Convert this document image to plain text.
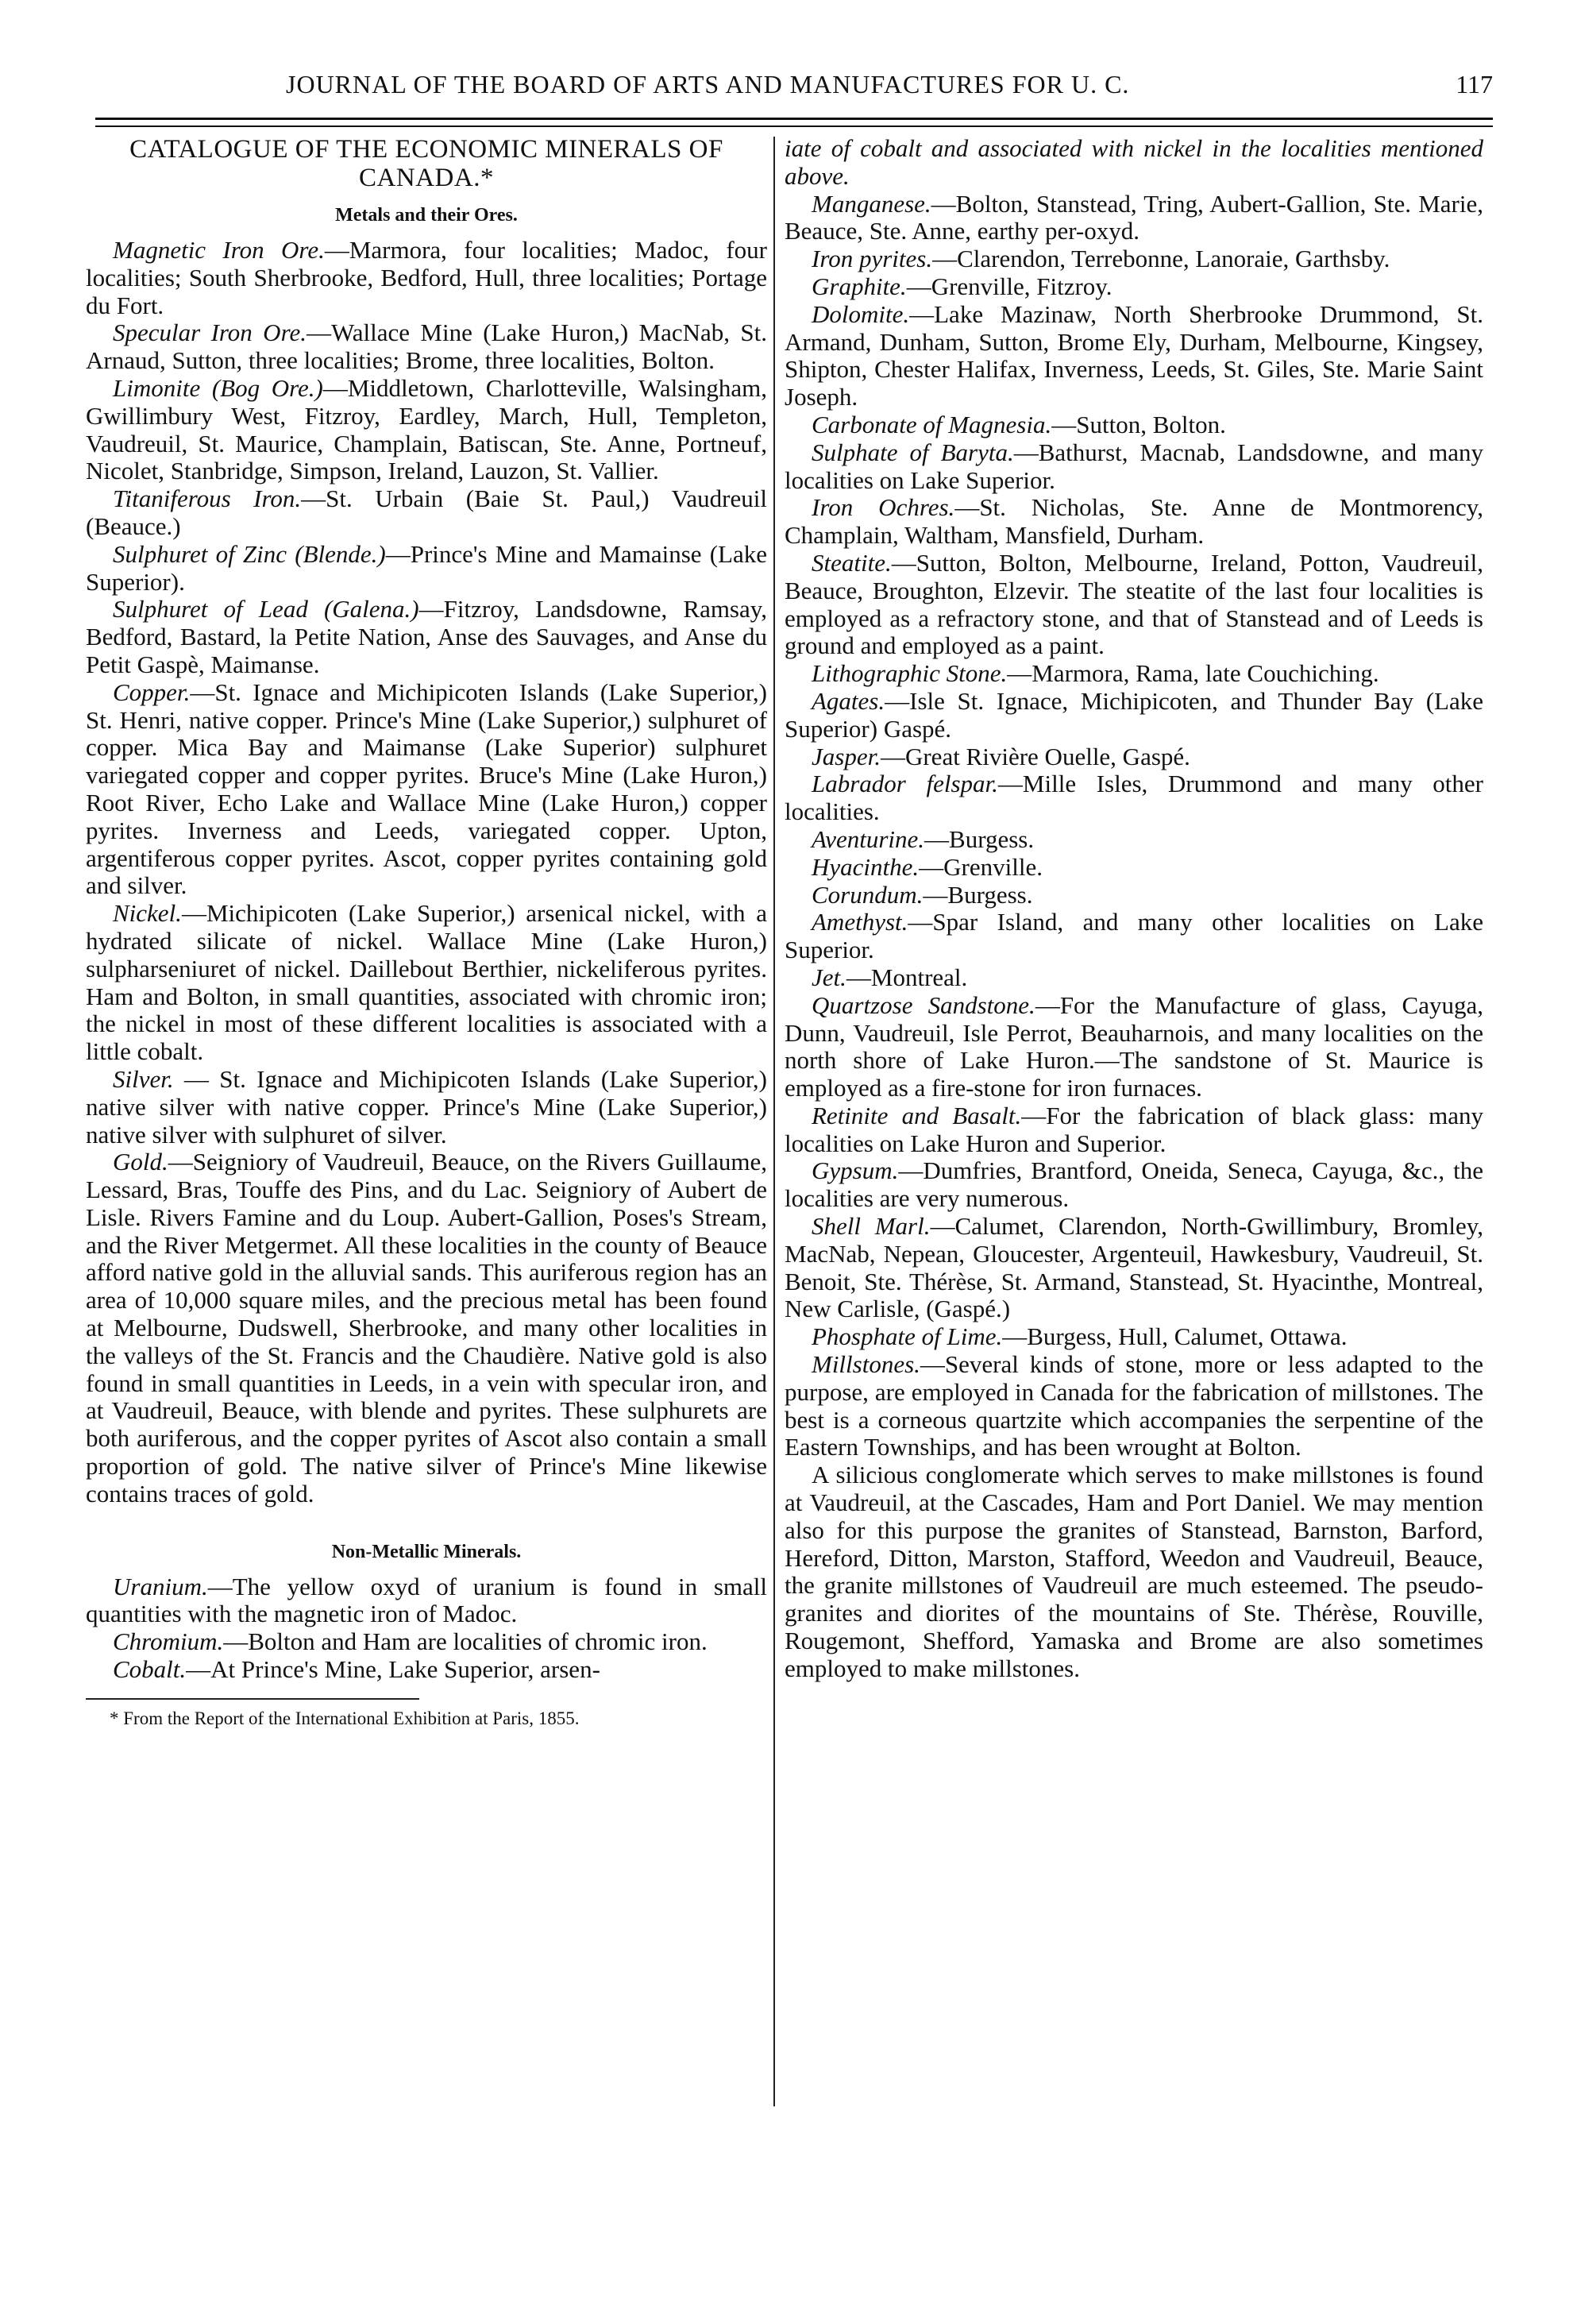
JOURNAL OF THE BOARD OF ARTS AND MANUFACTURES FOR U. C.	117
CATALOGUE OF THE ECONOMIC MINERALS OF CANADA.*
Metals and their Ores.

Magnetic Iron Ore.—Marmora, four localities; Madoc, four localities; South Sherbrooke, Bedford, Hull, three localities; Portage du Fort.

Specular Iron Ore.—Wallace Mine (Lake Huron,) MacNab, St. Arnaud, Sutton, three localities; Brome, three localities, Bolton.

Limonite (Bog Ore.)—Middletown, Charlotteville, Walsingham, Gwillimbury West, Fitzroy, Eardley, March, Hull, Templeton, Vaudreuil, St. Maurice, Champlain, Batiscan, Ste. Anne, Portneuf, Nicolet, Stanbridge, Simpson, Ireland, Lauzon, St. Vallier.

Titaniferous Iron.—St. Urbain (Baie St. Paul,) Vaudreuil (Beauce.)

Sulphuret of Zinc (Blende.)—Prince's Mine and Mamainse (Lake Superior).

Sulphuret of Lead (Galena.)—Fitzroy, Landsdowne, Ramsay, Bedford, Bastard, la Petite Nation, Anse des Sauvages, and Anse du Petit Gaspè, Maimanse.

Copper.—St. Ignace and Michipicoten Islands (Lake Superior,) St. Henri, native copper. Prince's Mine (Lake Superior,) sulphuret of copper. Mica Bay and Maimanse (Lake Superior) sulphuret variegated copper and copper pyrites. Bruce's Mine (Lake Huron,) Root River, Echo Lake and Wallace Mine (Lake Huron,) copper pyrites. Inverness and Leeds, variegated copper. Upton, argentiferous copper pyrites. Ascot, copper pyrites containing gold and silver.

Nickel.—Michipicoten (Lake Superior,) arsenical nickel, with a hydrated silicate of nickel. Wallace Mine (Lake Huron,) sulpharseniuret of nickel. Daillebout Berthier, nickeliferous pyrites. Ham and Bolton, in small quantities, associated with chromic iron; the nickel in most of these different localities is associated with a little cobalt.

Silver. — St. Ignace and Michipicoten Islands (Lake Superior,) native silver with native copper. Prince's Mine (Lake Superior,) native silver with sulphuret of silver.

Gold.—Seigniory of Vaudreuil, Beauce, on the Rivers Guillaume, Lessard, Bras, Touffe des Pins, and du Lac. Seigniory of Aubert de Lisle. Rivers Famine and du Loup. Aubert-Gallion, Poses's Stream, and the River Metgermet. All these localities in the county of Beauce afford native gold in the alluvial sands. This auriferous region has an area of 10,000 square miles, and the precious metal has been found at Melbourne, Dudswell, Sherbrooke, and many other localities in the valleys of the St. Francis and the Chaudière. Native gold is also found in small quantities in Leeds, in a vein with specular iron, and at Vaudreuil, Beauce, with blende and pyrites. These sulphurets are both auriferous, and the copper pyrites of Ascot also contain a small proportion of gold. The native silver of Prince's Mine likewise contains traces of gold.

Non-Metallic Minerals.

Uranium.—The yellow oxyd of uranium is found in small quantities with the magnetic iron of Madoc.

Chromium.—Bolton and Ham are localities of chromic iron.

Cobalt.—At Prince's Mine, Lake Superior, arsen-

* From the Report of the International Exhibition at Paris, 1855.

iate of cobalt and associated with nickel in the localities mentioned above.

Manganese.—Bolton, Stanstead, Tring, Aubert-Gallion, Ste. Marie, Beauce, Ste. Anne, earthy per-oxyd.

Iron pyrites.—Clarendon, Terrebonne, Lanoraie, Garthsby.

Graphite.—Grenville, Fitzroy.

Dolomite.—Lake Mazinaw, North Sherbrooke Drummond, St. Armand, Dunham, Sutton, Brome Ely, Durham, Melbourne, Kingsey, Shipton, Chester Halifax, Inverness, Leeds, St. Giles, Ste. Marie Saint Joseph.

Carbonate of Magnesia.—Sutton, Bolton.

Sulphate of Baryta.—Bathurst, Macnab, Landsdowne, and many localities on Lake Superior.

Iron Ochres.—St. Nicholas, Ste. Anne de Montmorency, Champlain, Waltham, Mansfield, Durham.

Steatite.—Sutton, Bolton, Melbourne, Ireland, Potton, Vaudreuil, Beauce, Broughton, Elzevir. The steatite of the last four localities is employed as a refractory stone, and that of Stanstead and of Leeds is ground and employed as a paint.

Lithographic Stone.—Marmora, Rama, late Couchiching.

Agates.—Isle St. Ignace, Michipicoten, and Thunder Bay (Lake Superior) Gaspé.

Jasper.—Great Rivière Ouelle, Gaspé.

Labrador felspar.—Mille Isles, Drummond and many other localities.

Aventurine.—Burgess.

Hyacinthe.—Grenville.

Corundum.—Burgess.

Amethyst.—Spar Island, and many other localities on Lake Superior.

Jet.—Montreal.

Quartzose Sandstone.—For the Manufacture of glass, Cayuga, Dunn, Vaudreuil, Isle Perrot, Beauharnois, and many localities on the north shore of Lake Huron.—The sandstone of St. Maurice is employed as a fire-stone for iron furnaces.

Retinite and Basalt.—For the fabrication of black glass: many localities on Lake Huron and Superior.

Gypsum.—Dumfries, Brantford, Oneida, Seneca, Cayuga, &c., the localities are very numerous.

Shell Marl.—Calumet, Clarendon, North-Gwillimbury, Bromley, MacNab, Nepean, Gloucester, Argenteuil, Hawkesbury, Vaudreuil, St. Benoit, Ste. Thérèse, St. Armand, Stanstead, St. Hyacinthe, Montreal, New Carlisle, (Gaspé.)

Phosphate of Lime.—Burgess, Hull, Calumet, Ottawa.

Millstones.—Several kinds of stone, more or less adapted to the purpose, are employed in Canada for the fabrication of millstones. The best is a corneous quartzite which accompanies the serpentine of the Eastern Townships, and has been wrought at Bolton.

A silicious conglomerate which serves to make millstones is found at Vaudreuil, at the Cascades, Ham and Port Daniel. We may mention also for this purpose the granites of Stanstead, Barnston, Barford, Hereford, Ditton, Marston, Stafford, Weedon and Vaudreuil, Beauce, the granite millstones of Vaudreuil are much esteemed. The pseudo-granites and diorites of the mountains of Ste. Thérèse, Rouville, Rougemont, Shefford, Yamaska and Brome are also sometimes employed to make millstones.
